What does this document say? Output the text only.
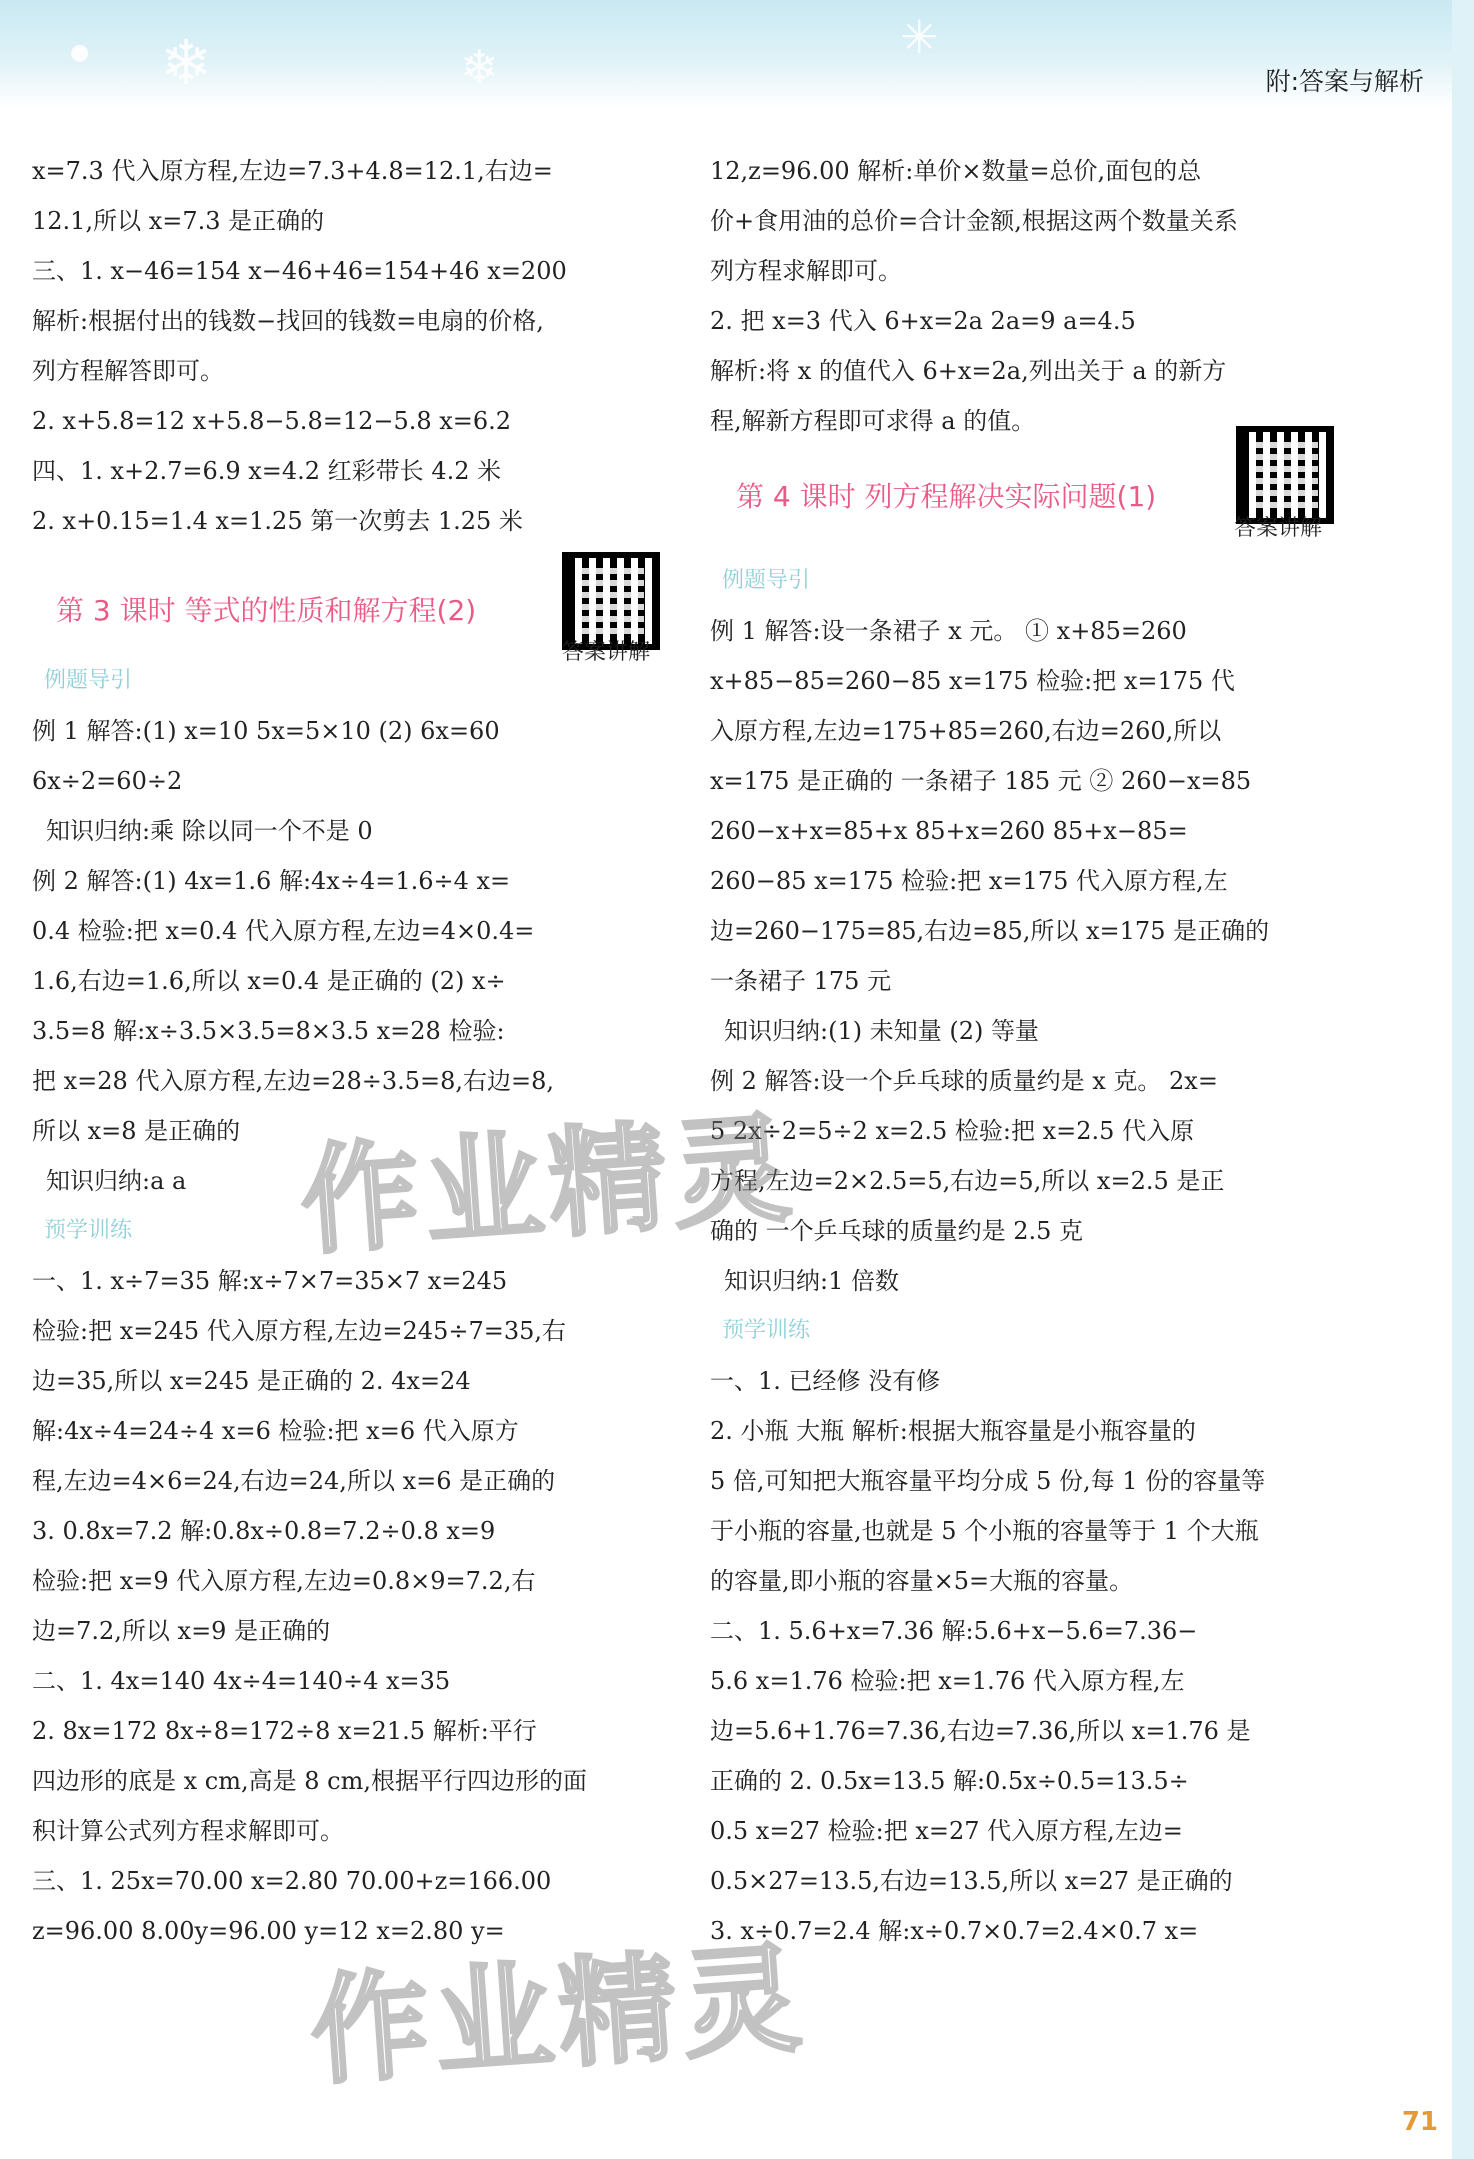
❄
●	❄
✳
附:答案与解析
x=7.3 代入原方程,左边=7.3+4.8=12.1,右边=
12.1,所以 x=7.3 是正确的
三、1. x−46=154 x−46+46=154+46 x=200
解析:根据付出的钱数−找回的钱数=电扇的价格,
列方程解答即可。
2. x+5.8=12 x+5.8−5.8=12−5.8 x=6.2
四、1. x+2.7=6.9 x=4.2 红彩带长 4.2 米
2. x+0.15=1.4 x=1.25 第一次剪去 1.25 米
第 3 课时 等式的性质和解方程(2)
答案讲解
例题导引
例 1 解答:(1) x=10 5x=5×10 (2) 6x=60
6x÷2=60÷2
知识归纳:乘 除以同一个不是 0
例 2 解答:(1) 4x=1.6 解:4x÷4=1.6÷4 x=
0.4 检验:把 x=0.4 代入原方程,左边=4×0.4=
1.6,右边=1.6,所以 x=0.4 是正确的 (2) x÷
3.5=8 解:x÷3.5×3.5=8×3.5 x=28 检验:
把 x=28 代入原方程,左边=28÷3.5=8,右边=8,
所以 x=8 是正确的
知识归纳:a a
预学训练
一、1. x÷7=35 解:x÷7×7=35×7 x=245
检验:把 x=245 代入原方程,左边=245÷7=35,右
边=35,所以 x=245 是正确的 2. 4x=24
解:4x÷4=24÷4 x=6 检验:把 x=6 代入原方
程,左边=4×6=24,右边=24,所以 x=6 是正确的
3. 0.8x=7.2 解:0.8x÷0.8=7.2÷0.8 x=9
检验:把 x=9 代入原方程,左边=0.8×9=7.2,右
边=7.2,所以 x=9 是正确的
二、1. 4x=140 4x÷4=140÷4 x=35
2. 8x=172 8x÷8=172÷8 x=21.5 解析:平行
四边形的底是 x cm,高是 8 cm,根据平行四边形的面
积计算公式列方程求解即可。
三、1. 25x=70.00 x=2.80 70.00+z=166.00
z=96.00 8.00y=96.00 y=12 x=2.80 y=
12,z=96.00 解析:单价×数量=总价,面包的总
价+食用油的总价=合计金额,根据这两个数量关系
列方程求解即可。
2. 把 x=3 代入 6+x=2a 2a=9 a=4.5
解析:将 x 的值代入 6+x=2a,列出关于 a 的新方
程,解新方程即可求得 a 的值。
第 4 课时 列方程解决实际问题(1)
答案讲解
例题导引
例 1 解答:设一条裙子 x 元。 ① x+85=260
x+85−85=260−85 x=175 检验:把 x=175 代
入原方程,左边=175+85=260,右边=260,所以
x=175 是正确的 一条裙子 185 元 ② 260−x=85
260−x+x=85+x 85+x=260 85+x−85=
260−85 x=175 检验:把 x=175 代入原方程,左
边=260−175=85,右边=85,所以 x=175 是正确的
一条裙子 175 元
知识归纳:(1) 未知量 (2) 等量
例 2 解答:设一个乒乓球的质量约是 x 克。 2x=
5 2x÷2=5÷2 x=2.5 检验:把 x=2.5 代入原
方程,左边=2×2.5=5,右边=5,所以 x=2.5 是正
确的 一个乒乓球的质量约是 2.5 克
知识归纳:1 倍数
预学训练
一、1. 已经修 没有修
2. 小瓶 大瓶 解析:根据大瓶容量是小瓶容量的
5 倍,可知把大瓶容量平均分成 5 份,每 1 份的容量等
于小瓶的容量,也就是 5 个小瓶的容量等于 1 个大瓶
的容量,即小瓶的容量×5=大瓶的容量。
二、1. 5.6+x=7.36 解:5.6+x−5.6=7.36−
5.6 x=1.76 检验:把 x=1.76 代入原方程,左
边=5.6+1.76=7.36,右边=7.36,所以 x=1.76 是
正确的 2. 0.5x=13.5 解:0.5x÷0.5=13.5÷
0.5 x=27 检验:把 x=27 代入原方程,左边=
0.5×27=13.5,右边=13.5,所以 x=27 是正确的
3. x÷0.7=2.4 解:x÷0.7×0.7=2.4×0.7 x=
作业精灵
作业精灵
71
